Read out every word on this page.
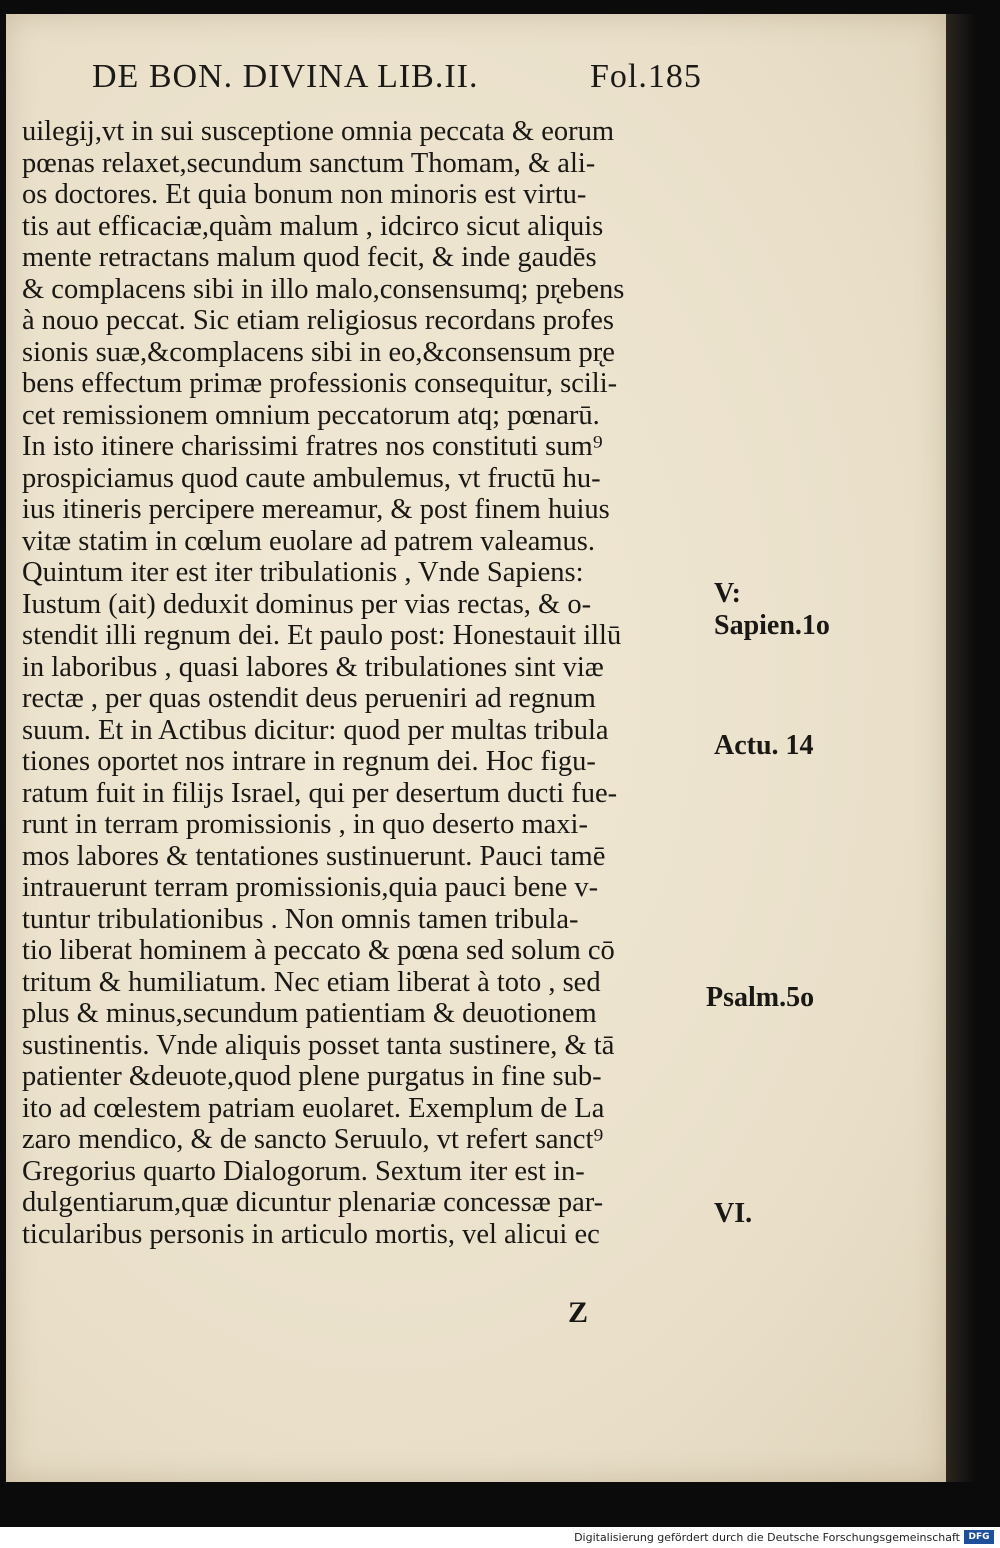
DE BON. DIVINA LIB.II.	Fol.185
uilegij,vt in sui susceptione omnia peccata & eorum
pœnas relaxet,secundum sanctum Thomam, & ali-
os doctores. Et quia bonum non minoris est virtu-
tis aut efficaciæ,quàm malum , idcirco sicut aliquis
mente retractans malum quod fecit, & inde gaudēs
& complacens sibi in illo malo,consensumq; pr̨ebens
à nouo peccat. Sic etiam religiosus recordans profes
sionis suæ,&complacens sibi in eo,&consensum pr̨e
bens effectum primæ professionis consequitur, scili-
cet remissionem omnium peccatorum atq; pœnarū.
In isto itinere charissimi fratres nos constituti sum⁹
prospiciamus quod caute ambulemus, vt fructū hu-
ius itineris percipere mereamur, & post finem huius
vitæ statim in cœlum euolare ad patrem valeamus.
Quintum iter est iter tribulationis , Vnde Sapiens:
Iustum (ait) deduxit dominus per vias rectas, & o-
stendit illi regnum dei. Et paulo post: Honestauit illū
in laboribus , quasi labores & tribulationes sint viæ
rectæ , per quas ostendit deus perueniri ad regnum
suum. Et in Actibus dicitur: quod per multas tribula
tiones oportet nos intrare in regnum dei. Hoc figu-
ratum fuit in filijs Israel, qui per desertum ducti fue-
runt in terram promissionis , in quo deserto maxi-
mos labores & tentationes sustinuerunt. Pauci tamē
intrauerunt terram promissionis,quia pauci bene v-
tuntur tribulationibus . Non omnis tamen tribula-
tio liberat hominem à peccato & pœna sed solum cō
tritum & humiliatum. Nec etiam liberat à toto , sed
plus & minus,secundum patientiam & deuotionem
sustinentis. Vnde aliquis posset tanta sustinere, & tā
patienter &deuote,quod plene purgatus in fine sub-
ito ad cœlestem patriam euolaret. Exemplum de La
zaro mendico, & de sancto Seruulo, vt refert sanct⁹
Gregorius quarto Dialogorum. Sextum iter est in-
dulgentiarum,quæ dicuntur plenariæ concessæ par-
ticularibus personis in articulo mortis, vel alicui ec
V:
Sapien.1o
Actu. 14
Psalm.5o
VI.
Z
Digitalisierung gefördert durch die Deutsche Forschungsgemeinschaft DFG
